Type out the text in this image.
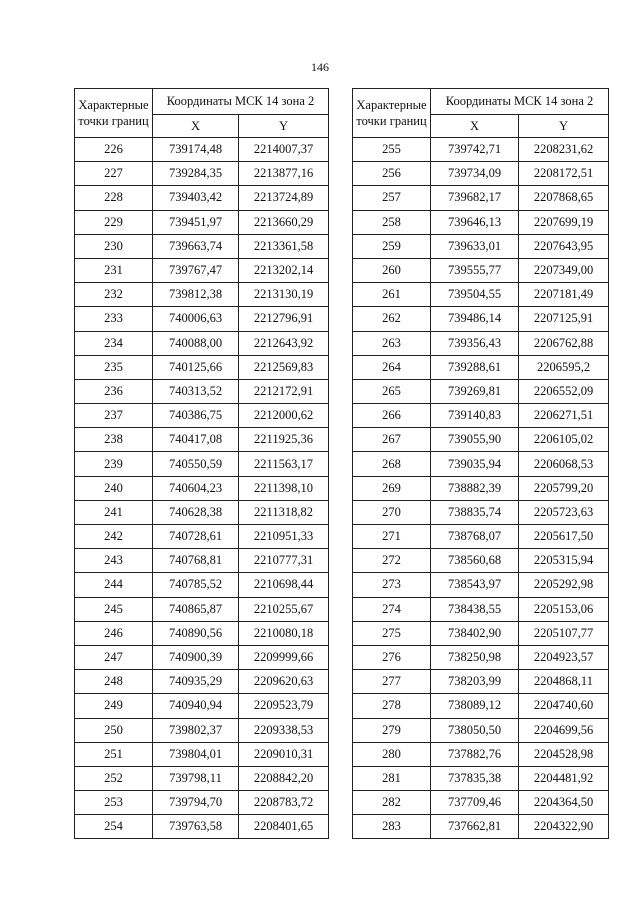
146
Характерные
точки границ	Координаты МСК 14 зона 2	
	X	Y
226	739174,48	2214007,37
227	739284,35	2213877,16
228	739403,42	2213724,89
229	739451,97	2213660,29
230	739663,74	2213361,58
231	739767,47	2213202,14
232	739812,38	2213130,19
233	740006,63	2212796,91
234	740088,00	2212643,92
235	740125,66	2212569,83
236	740313,52	2212172,91
237	740386,75	2212000,62
238	740417,08	2211925,36
239	740550,59	2211563,17
240	740604,23	2211398,10
241	740628,38	2211318,82
242	740728,61	2210951,33
243	740768,81	2210777,31
244	740785,52	2210698,44
245	740865,87	2210255,67
246	740890,56	2210080,18
247	740900,39	2209999,66
248	740935,29	2209620,63
249	740940,94	2209523,79
250	739802,37	2209338,53
251	739804,01	2209010,31
252	739798,11	2208842,20
253	739794,70	2208783,72
254	739763,58	2208401,65
Характерные
точки границ	Координаты МСК 14 зона 2	
	X	Y
255	739742,71	2208231,62
256	739734,09	2208172,51
257	739682,17	2207868,65
258	739646,13	2207699,19
259	739633,01	2207643,95
260	739555,77	2207349,00
261	739504,55	2207181,49
262	739486,14	2207125,91
263	739356,43	2206762,88
264	739288,61	2206595,2
265	739269,81	2206552,09
266	739140,83	2206271,51
267	739055,90	2206105,02
268	739035,94	2206068,53
269	738882,39	2205799,20
270	738835,74	2205723,63
271	738768,07	2205617,50
272	738560,68	2205315,94
273	738543,97	2205292,98
274	738438,55	2205153,06
275	738402,90	2205107,77
276	738250,98	2204923,57
277	738203,99	2204868,11
278	738089,12	2204740,60
279	738050,50	2204699,56
280	737882,76	2204528,98
281	737835,38	2204481,92
282	737709,46	2204364,50
283	737662,81	2204322,90
